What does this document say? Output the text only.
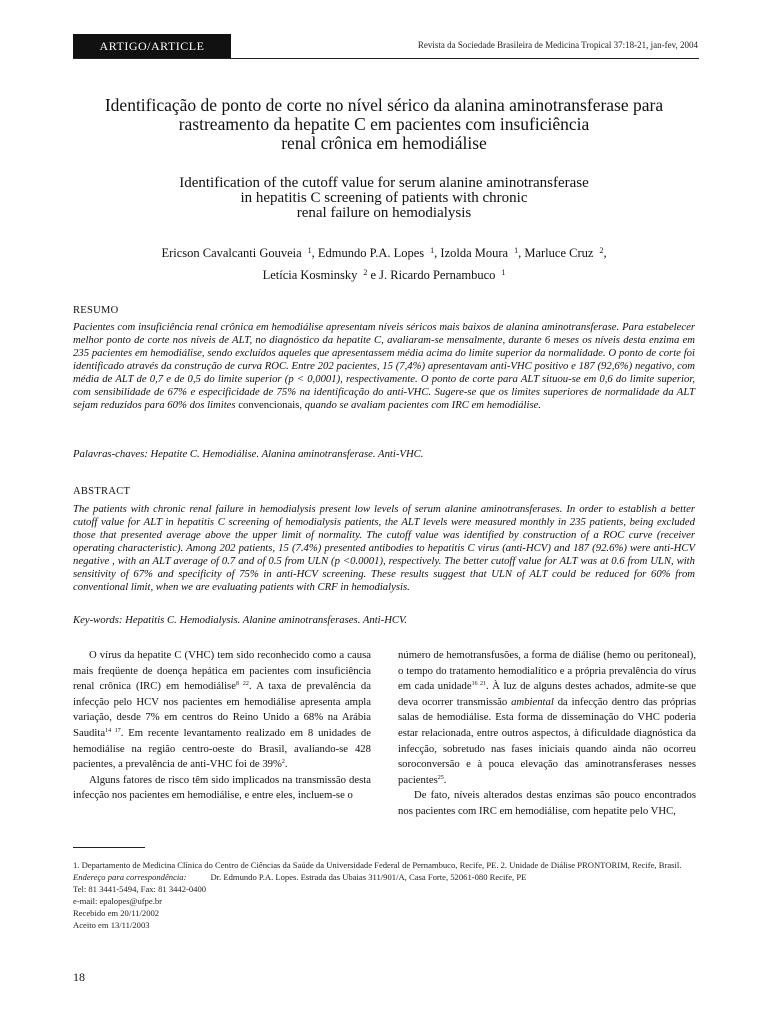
ARTIGO/ARTICLE	Revista da Sociedade Brasileira de Medicina Tropical 37:18-21, jan-fev, 2004
Identificação de ponto de corte no nível sérico da alanina aminotransferase para
rastreamento da hepatite C em pacientes com insuficiência
renal crônica em hemodiálise
Identification of the cutoff value for serum alanine aminotransferase
in hepatitis C screening of patients with chronic
renal failure on hemodialysis
Ericson Cavalcanti Gouveia $^1$, Edmundo P.A. Lopes $^1$, Izolda Moura $^1$, Marluce Cruz $^2$,
Letícia Kosminsky $^2$ e J. Ricardo Pernambuco $^1$
RESUMO
Pacientes com insuficiência renal crônica em hemodiálise apresentam níveis séricos mais baixos de alanina aminotransferase. Para estabelecer melhor ponto de corte nos níveis de ALT, no diagnóstico da hepatite C, avaliaram-se mensalmente, durante 6 meses os níveis desta enzima em 235 pacientes em hemodiálise, sendo excluídos aqueles que apresentassem média acima do limite superior da normalidade. O ponto de corte foi identificado através da construção de curva ROC. Entre 202 pacientes, 15 (7,4%) apresentavam anti-VHC positivo e 187 (92,6%) negativo, com média de ALT de 0,7 e de 0,5 do limite superior (p < 0,0001), respectivamente. O ponto de corte para ALT situou-se em 0,6 do limite superior, com sensibilidade de 67% e especificidade de 75% na identificação do anti-VHC. Sugere-se que os limites superiores de normalidade da ALT sejam reduzidos para 60% dos limites convencionais, quando se avaliam pacientes com IRC em hemodiálise.
Palavras-chaves: Hepatite C. Hemodiálise. Alanina aminotransferase. Anti-VHC.
ABSTRACT
The patients with chronic renal failure in hemodialysis present low levels of serum alanine aminotransferases. In order to establish a better cutoff value for ALT in hepatitis C screening of hemodialysis patients, the ALT levels were measured monthly in 235 patients, being excluded those that presented average above the upper limit of normality. The cutoff value was identified by construction of a ROC curve (receiver operating characteristic). Among 202 patients, 15 (7.4%) presented antibodies to hepatitis C virus (anti-HCV) and 187 (92.6%) were anti-HCV negative , with an ALT average of 0.7 and of 0.5 from ULN (p <0.0001), respectively. The better cutoff value for ALT was at 0.6 from ULN, with sensitivity of 67% and specificity of 75% in anti-HCV screening. These results suggest that ULN of ALT could be reduced for 60% from conventional limit, when we are evaluating patients with CRF in hemodialysis.
Key-words: Hepatitis C. Hemodialysis. Alanine aminotransferases. Anti-HCV.

O vírus da hepatite C (VHC) tem sido reconhecido como a causa mais freqüente de doença hepática em pacientes com insuficiência renal crônica (IRC) em hemodiálise$^{8 22}$. A taxa de prevalência da infecção pelo HCV nos pacientes em hemodiálise apresenta ampla variação, desde 7% em centros do Reino Unido a 68% na Arábia Saudita$^{14 17}$. Em recente levantamento realizado em 8 unidades de hemodiálise na região centro-oeste do Brasil, avaliando-se 428 pacientes, a prevalência de anti-VHC foi de 39%$^2$.

Alguns fatores de risco têm sido implicados na transmissão desta infecção nos pacientes em hemodiálise, e entre eles, incluem-se o

número de hemotransfusões, a forma de diálise (hemo ou peritoneal), o tempo do tratamento hemodialítico e a própria prevalência do vírus em cada unidade$^{16 21}$. À luz de alguns destes achados, admite-se que deva ocorrer transmissão ambiental da infecção dentro das próprias salas de hemodiálise. Esta forma de disseminação do VHC poderia estar relacionada, entre outros aspectos, à dificuldade diagnóstica da infecção, sobretudo nas fases iniciais quando ainda não ocorreu soroconversão e à pouca elevação das aminotransferases nesses pacientes$^{25}$.

De fato, níveis alterados destas enzimas são pouco encontrados nos pacientes com IRC em hemodiálise, com hepatite pelo VHC,

1. Departamento de Medicina Clínica do Centro de Ciências da Saúde da Universidade Federal de Pernambuco, Recife, PE. 2. Unidade de Diálise PRONTORIM, Recife, Brasil.
Endereço para correspondência:	Dr. Edmundo P.A. Lopes. Estrada das Ubaias 311/901/A, Casa Forte, 52061-080 Recife, PE
Tel: 81 3441-5494, Fax: 81 3442-0400
e-mail: epalopes@ufpe.br
Recebido em 20/11/2002
Aceito em 13/11/2003
18
